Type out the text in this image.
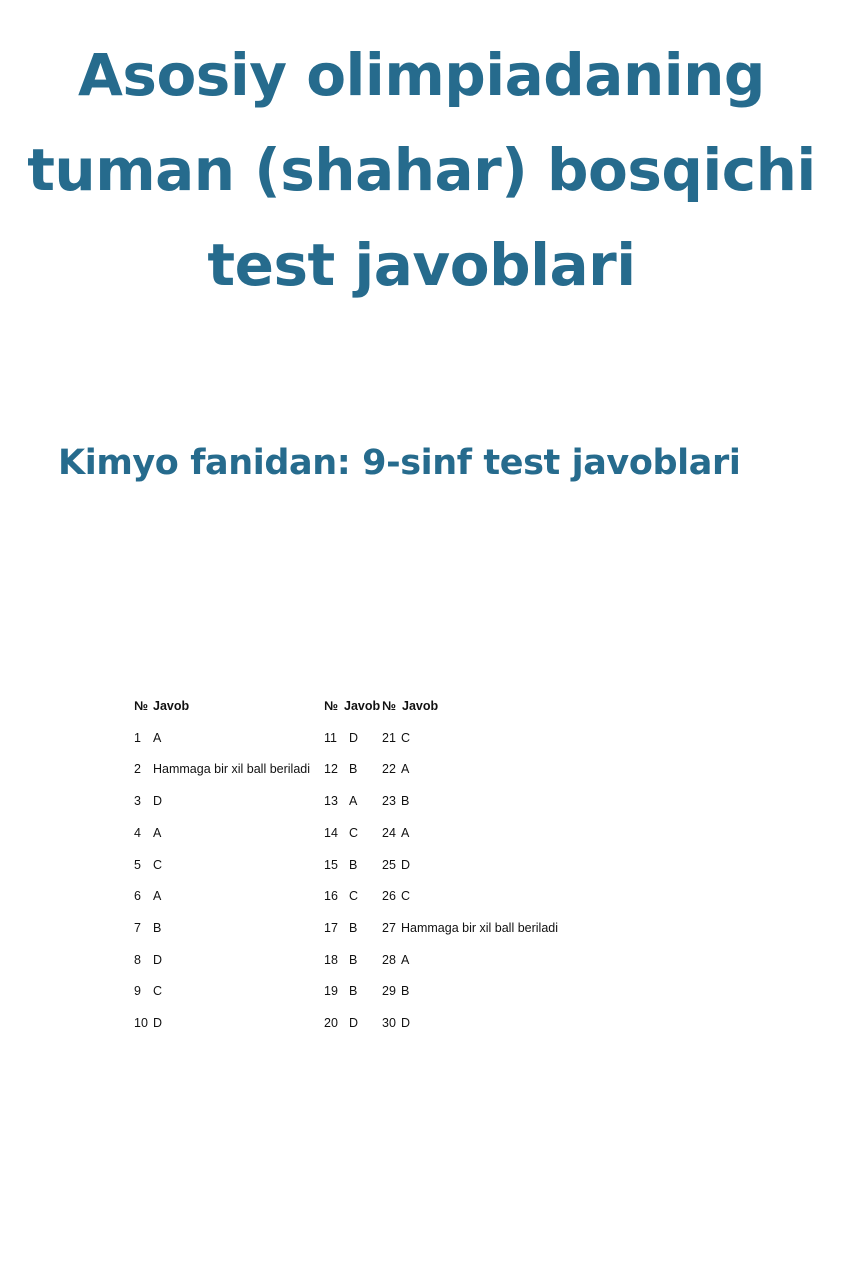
Asosiy olimpiadaning
tuman (shahar) bosqichi
test javoblari
Kimyo fanidan: 9-sinf test javoblari
№ Javob	№ Javob № Javob
1 A
2 Hammaga bir xil ball beriladi
3 D
4 A
5 C
6 A
7 B
8 D
9 C
10 D
11 D
12 B
13 A
14 C
15 B
16 C
17 B
18 B
19 B
20 D
21 C
22 A
23 B
24 A
25 D
26 C
27 Hammaga bir xil ball beriladi
28 A
29 B
30 D
